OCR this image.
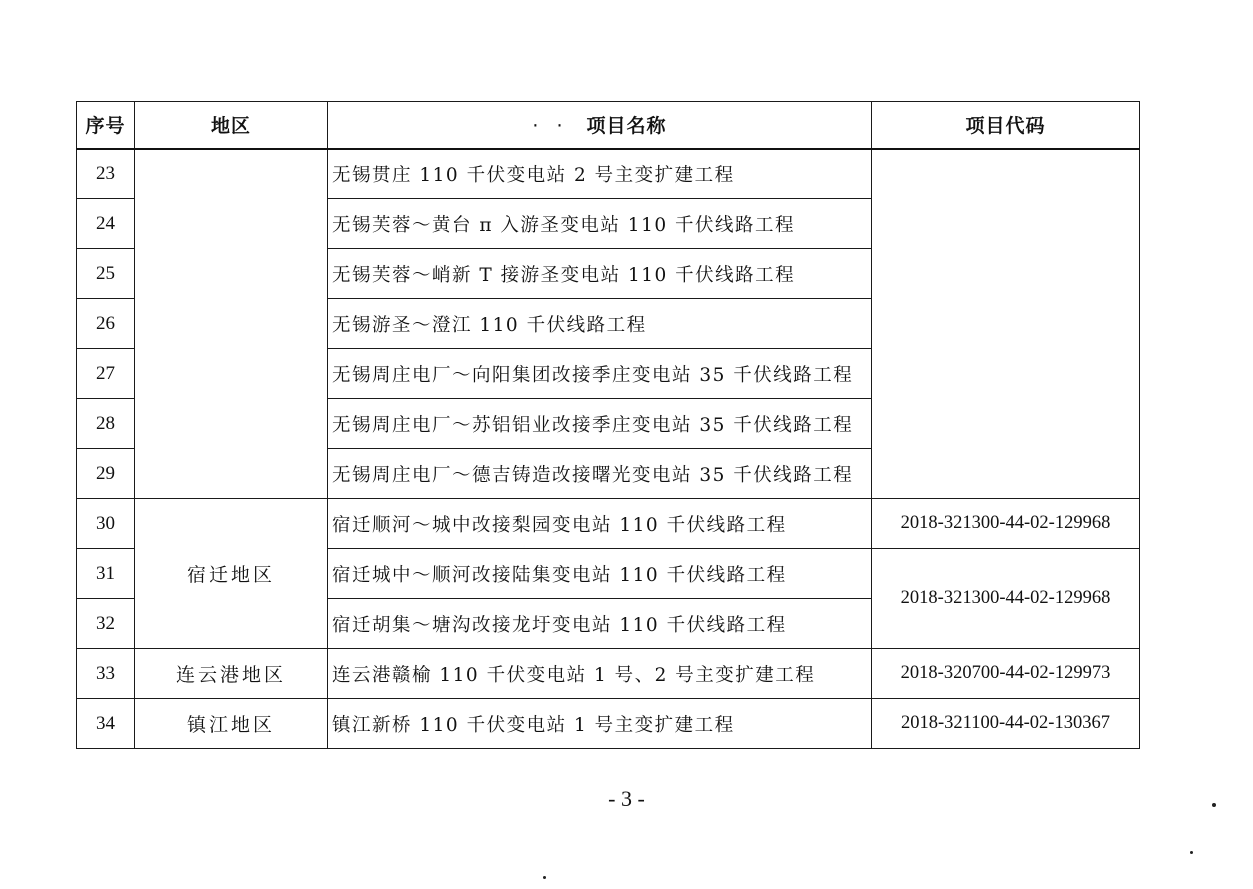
序号	地区	· · 项目名称	项目代码
23		无锡贯庄 110 千伏变电站 2 号主变扩建工程	
24		无锡芙蓉～黄台 π 入游圣变电站 110 千伏线路工程	
25		无锡芙蓉～峭新 T 接游圣变电站 110 千伏线路工程	
26		无锡游圣～澄江 110 千伏线路工程	
27		无锡周庄电厂～向阳集团改接季庄变电站 35 千伏线路工程	
28		无锡周庄电厂～苏铝铝业改接季庄变电站 35 千伏线路工程	
29		无锡周庄电厂～德吉铸造改接曙光变电站 35 千伏线路工程	
30	宿迁地区	宿迁顺河～城中改接梨园变电站 110 千伏线路工程	2018-321300-44-02-129968
31		宿迁城中～顺河改接陆集变电站 110 千伏线路工程	2018-321300-44-02-129968
32		宿迁胡集～塘沟改接龙圩变电站 110 千伏线路工程	
33	连云港地区	连云港赣榆 110 千伏变电站 1 号、2 号主变扩建工程	2018-320700-44-02-129973
34	镇江地区	镇江新桥 110 千伏变电站 1 号主变扩建工程	2018-321100-44-02-130367
- 3 -
